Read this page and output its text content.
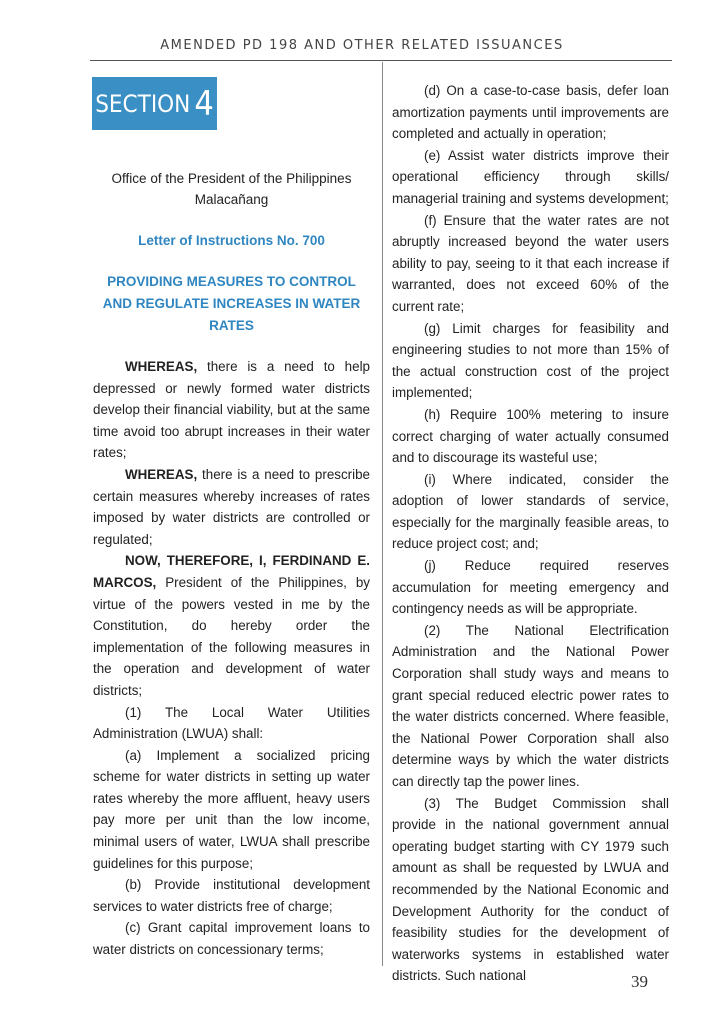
AMENDED PD 198 AND OTHER RELATED ISSUANCES
SECTION 4
Office of the President of the Philippines
Malacañang
Letter of Instructions No. 700
PROVIDING MEASURES TO CONTROL AND REGULATE INCREASES IN WATER RATES

WHEREAS, there is a need to help depressed or newly formed water districts develop their financial viability, but at the same time avoid too abrupt increases in their water rates;

WHEREAS, there is a need to prescribe certain measures whereby increases of rates imposed by water districts are controlled or regulated;

NOW, THEREFORE, I, FERDINAND E. MARCOS, President of the Philippines, by virtue of the powers vested in me by the Constitution, do hereby order the implementation of the following measures in the operation and development of water districts;

(1) The Local Water Utilities Administration (LWUA) shall:

(a) Implement a socialized pricing scheme for water districts in setting up water rates whereby the more affluent, heavy users pay more per unit than the low income, minimal users of water, LWUA shall prescribe guidelines for this purpose;

(b) Provide institutional development services to water districts free of charge;

(c) Grant capital improvement loans to water districts on concessionary terms;

(d) On a case-to-case basis, defer loan amortization payments until improvements are completed and actually in operation;

(e) Assist water districts improve their operational efficiency through skills/ managerial training and systems development;

(f) Ensure that the water rates are not abruptly increased beyond the water users ability to pay, seeing to it that each increase if warranted, does not exceed 60% of the current rate;

(g) Limit charges for feasibility and engineering studies to not more than 15% of the actual construction cost of the project implemented;

(h) Require 100% metering to insure correct charging of water actually consumed and to discourage its wasteful use;

(i) Where indicated, consider the adoption of lower standards of service, especially for the marginally feasible areas, to reduce project cost; and;

(j) Reduce required reserves accumulation for meeting emergency and contingency needs as will be appropriate.

(2) The National Electrification Administration and the National Power Corporation shall study ways and means to grant special reduced electric power rates to the water districts concerned. Where feasible, the National Power Corporation shall also determine ways by which the water districts can directly tap the power lines.

(3) The Budget Commission shall provide in the national government annual operating budget starting with CY 1979 such amount as shall be requested by LWUA and recommended by the National Economic and Development Authority for the conduct of feasibility studies for the development of waterworks systems in established water districts. Such national	39
